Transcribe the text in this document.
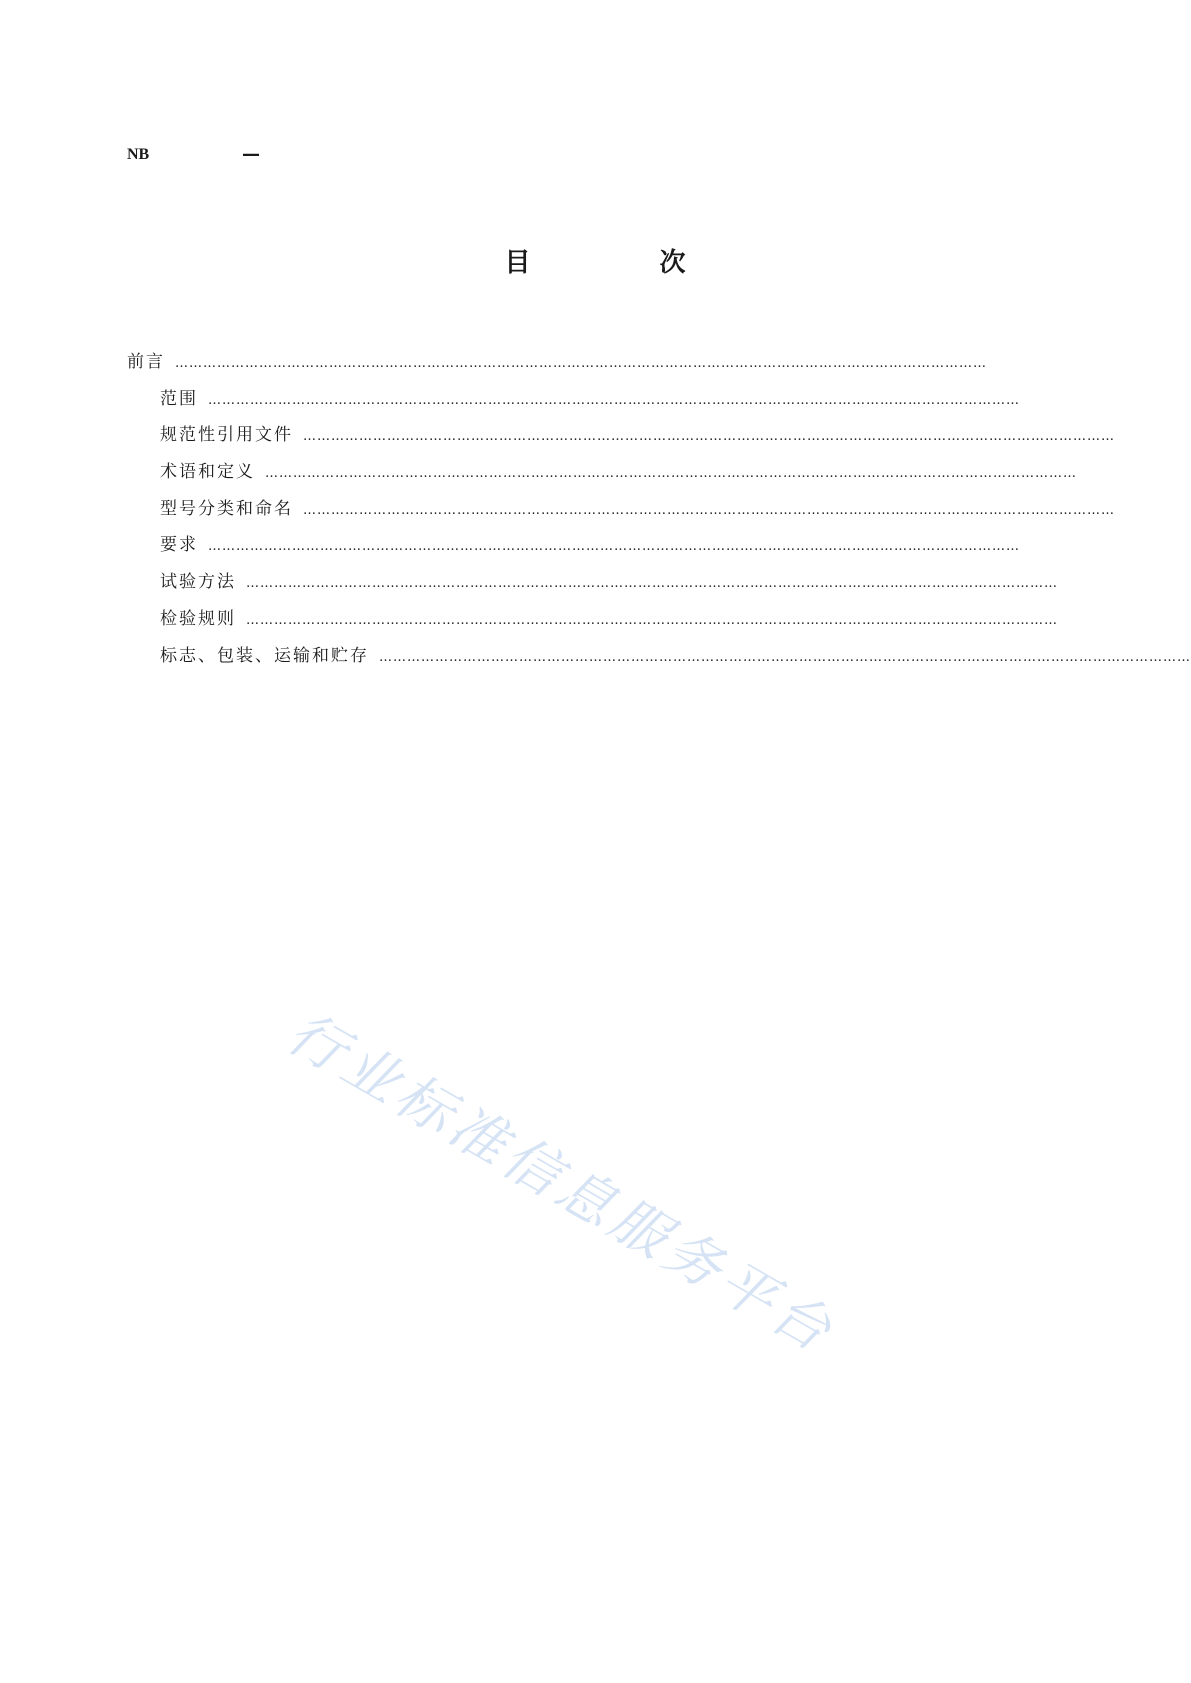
NB	—
目 次
前言 …………………………………………………………………………………………………………………………………………………………
范围 …………………………………………………………………………………………………………………………………………………………
规范性引用文件 …………………………………………………………………………………………………………………………………………………………
术语和定义 …………………………………………………………………………………………………………………………………………………………
型号分类和命名 …………………………………………………………………………………………………………………………………………………………
要求 …………………………………………………………………………………………………………………………………………………………
试验方法 …………………………………………………………………………………………………………………………………………………………
检验规则 …………………………………………………………………………………………………………………………………………………………
标志、包装、运输和贮存 …………………………………………………………………………………………………………………………………………………………
行业标准信息服务平台
